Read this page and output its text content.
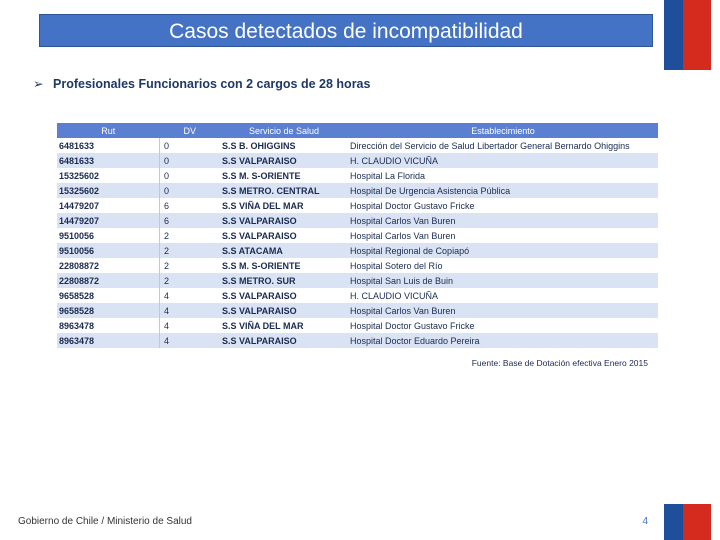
Casos detectados de incompatibilidad
➢ Profesionales Funcionarios con 2 cargos de 28 horas
Rut	DV	Servicio de Salud	Establecimiento
6481633	0	S.S B. OHIGGINS	Dirección del Servicio de Salud Libertador General Bernardo Ohiggins
6481633	0	S.S VALPARAISO	H. CLAUDIO VICUÑA
15325602	0	S.S M. S-ORIENTE	Hospital La Florida
15325602	0	S.S METRO. CENTRAL	Hospital De Urgencia Asistencia Pública
14479207	6	S.S VIÑA DEL MAR	Hospital Doctor Gustavo Fricke
14479207	6	S.S VALPARAISO	Hospital Carlos Van Buren
9510056	2	S.S VALPARAISO	Hospital Carlos Van Buren
9510056	2	S.S ATACAMA	Hospital Regional de Copiapó
22808872	2	S.S M. S-ORIENTE	Hospital Sotero del Río
22808872	2	S.S METRO. SUR	Hospital San Luis de Buin
9658528	4	S.S VALPARAISO	H. CLAUDIO VICUÑA
9658528	4	S.S VALPARAISO	Hospital Carlos Van Buren
8963478	4	S.S VIÑA DEL MAR	Hospital Doctor Gustavo Fricke
8963478	4	S.S VALPARAISO	Hospital Doctor Eduardo Pereira
Fuente: Base de Dotación efectiva Enero 2015
Gobierno de Chile / Ministerio de Salud	4
